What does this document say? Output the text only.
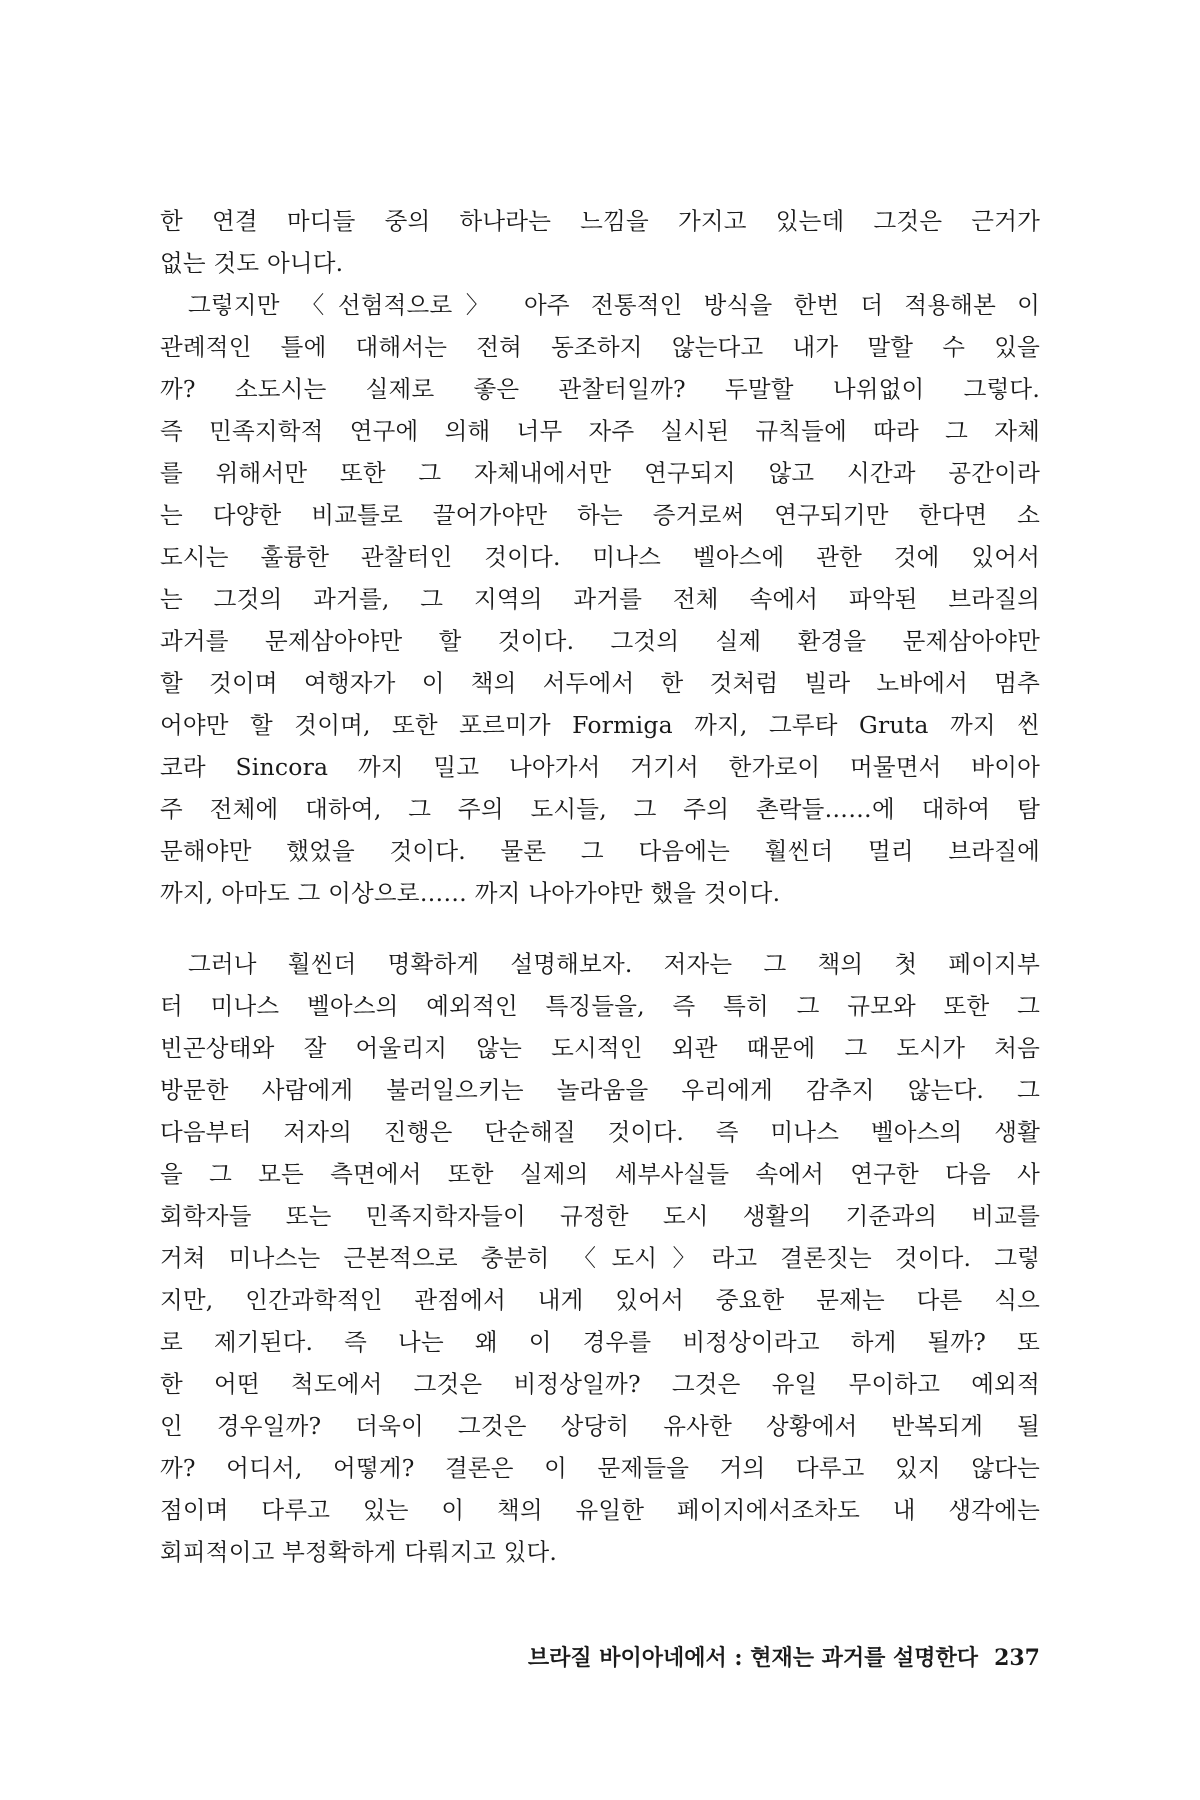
한 연결 마디들 중의 하나라는 느낌을 가지고 있는데 그것은 근거가
없는 것도 아니다.
그렇지만 〈선험적으로〉 아주 전통적인 방식을 한번 더 적용해본 이
관례적인 틀에 대해서는 전혀 동조하지 않는다고 내가 말할 수 있을
까? 소도시는 실제로 좋은 관찰터일까? 두말할 나위없이 그렇다.
즉 민족지학적 연구에 의해 너무 자주 실시된 규칙들에 따라 그 자체
를 위해서만 또한 그 자체내에서만 연구되지 않고 시간과 공간이라
는 다양한 비교틀로 끌어가야만 하는 증거로써 연구되기만 한다면 소
도시는 훌륭한 관찰터인 것이다. 미나스 벨아스에 관한 것에 있어서
는 그것의 과거를, 그 지역의 과거를 전체 속에서 파악된 브라질의
과거를 문제삼아야만 할 것이다. 그것의 실제 환경을 문제삼아야만
할 것이며 여행자가 이 책의 서두에서 한 것처럼 빌라 노바에서 멈추
어야만 할 것이며, 또한 포르미가 Formiga 까지, 그루타 Gruta 까지 씬
코라 Sincora 까지 밀고 나아가서 거기서 한가로이 머물면서 바이아
주 전체에 대하여, 그 주의 도시들, 그 주의 촌락들……에 대하여 탐
문해야만 했었을 것이다. 물론 그 다음에는 훨씬더 멀리 브라질에
까지, 아마도 그 이상으로…… 까지 나아가야만 했을 것이다.
그러나 훨씬더 명확하게 설명해보자. 저자는 그 책의 첫 페이지부
터 미나스 벨아스의 예외적인 특징들을, 즉 특히 그 규모와 또한 그
빈곤상태와 잘 어울리지 않는 도시적인 외관 때문에 그 도시가 처음
방문한 사람에게 불러일으키는 놀라움을 우리에게 감추지 않는다. 그
다음부터 저자의 진행은 단순해질 것이다. 즉 미나스 벨아스의 생활
을 그 모든 측면에서 또한 실제의 세부사실들 속에서 연구한 다음 사
회학자들 또는 민족지학자들이 규정한 도시 생활의 기준과의 비교를
거쳐 미나스는 근본적으로 충분히 〈도시〉라고 결론짓는 것이다. 그렇
지만, 인간과학적인 관점에서 내게 있어서 중요한 문제는 다른 식으
로 제기된다. 즉 나는 왜 이 경우를 비정상이라고 하게 될까? 또
한 어떤 척도에서 그것은 비정상일까? 그것은 유일 무이하고 예외적
인 경우일까? 더욱이 그것은 상당히 유사한 상황에서 반복되게 될
까? 어디서, 어떻게? 결론은 이 문제들을 거의 다루고 있지 않다는
점이며 다루고 있는 이 책의 유일한 페이지에서조차도 내 생각에는
회피적이고 부정확하게 다뤄지고 있다.
브라질 바이아네에서 : 현재는 과거를 설명한다 237
